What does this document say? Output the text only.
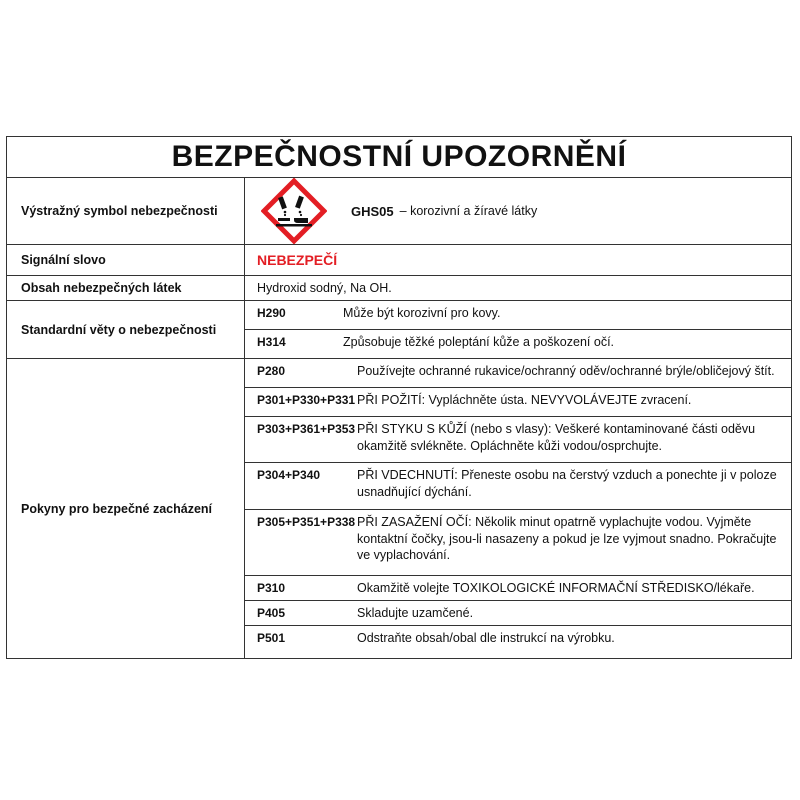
BEZPEČNOSTNÍ UPOZORNĚNÍ
Výstražný symbol nebezpečnosti	GHS05 – korozivní a žíravé látky
Signální slovo	NEBEZPEČÍ
Obsah nebezpečných látek	Hydroxid sodný, Na OH.
Standardní věty o nebezpečnosti
H290	Může být korozivní pro kovy.
H314	Způsobuje těžké poleptání kůže a poškození očí.
Pokyny pro bezpečné zacházení
P280	Používejte ochranné rukavice/ochranný oděv/ochranné brýle/obličejový štít.
P301+P330+P331 PŘI POŽITÍ: Vypláchněte ústa. NEVYVOLÁVEJTE zvracení.
P303+P361+P353 PŘI STYKU S KŮŽÍ (nebo s vlasy): Veškeré kontaminované části oděvu okamžitě svlékněte. Opláchněte kůži vodou/osprchujte.
P304+P340	PŘI VDECHNUTÍ: Přeneste osobu na čerstvý vzduch a ponechte ji v poloze usnadňující dýchání.
P305+P351+P338 PŘI ZASAŽENÍ OČÍ: Několik minut opatrně vyplachujte vodou. Vyjměte kontaktní čočky, jsou-li nasazeny a pokud je lze vyjmout snadno. Pokračujte ve vyplachování.
P310	Okamžitě volejte TOXIKOLOGICKÉ INFORMAČNÍ STŘEDISKO/lékaře.
P405	Skladujte uzamčené.
P501	Odstraňte obsah/obal dle instrukcí na výrobku.
